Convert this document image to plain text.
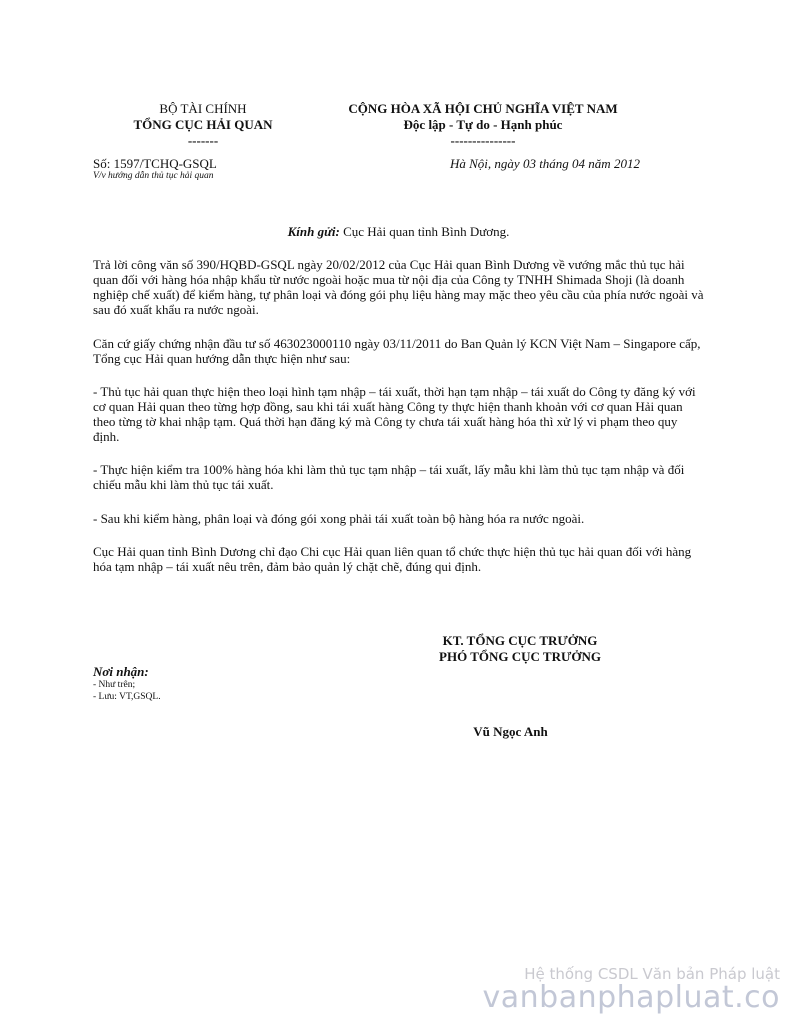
BỘ TÀI CHÍNH
TỔNG CỤC HẢI QUAN
-------
CỘNG HÒA XÃ HỘI CHỦ NGHĨA VIỆT NAM
Độc lập - Tự do - Hạnh phúc
---------------
Số: 1597/TCHQ-GSQL
V/v hướng dẫn thủ tục hải quan
Hà Nội, ngày 03 tháng 04 năm 2012
Kính gửi: Cục Hải quan tỉnh Bình Dương.

Trả lời công văn số 390/HQBD-GSQL ngày 20/02/2012 của Cục Hải quan Bình Dương về vướng mắc thủ tục hải quan đối với hàng hóa nhập khẩu từ nước ngoài hoặc mua từ nội địa của Công ty TNHH Shimada Shoji (là doanh nghiệp chế xuất) để kiểm hàng, tự phân loại và đóng gói phụ liệu hàng may mặc theo yêu cầu của phía nước ngoài và sau đó xuất khẩu ra nước ngoài.

Căn cứ giấy chứng nhận đầu tư số 463023000110 ngày 03/11/2011 do Ban Quản lý KCN Việt Nam – Singapore cấp, Tổng cục Hải quan hướng dẫn thực hiện như sau:

- Thủ tục hải quan thực hiện theo loại hình tạm nhập – tái xuất, thời hạn tạm nhập – tái xuất do Công ty đăng ký với cơ quan Hải quan theo từng hợp đồng, sau khi tái xuất hàng Công ty thực hiện thanh khoản với cơ quan Hải quan theo từng tờ khai nhập tạm. Quá thời hạn đăng ký mà Công ty chưa tái xuất hàng hóa thì xử lý vi phạm theo quy định.

- Thực hiện kiểm tra 100% hàng hóa khi làm thủ tục tạm nhập – tái xuất, lấy mẫu khi làm thủ tục tạm nhập và đối chiếu mẫu khi làm thủ tục tái xuất.

- Sau khi kiểm hàng, phân loại và đóng gói xong phải tái xuất toàn bộ hàng hóa ra nước ngoài.

Cục Hải quan tỉnh Bình Dương chỉ đạo Chi cục Hải quan liên quan tổ chức thực hiện thủ tục hải quan đối với hàng hóa tạm nhập – tái xuất nêu trên, đảm bảo quản lý chặt chẽ, đúng qui định.

KT. TỔNG CỤC TRƯỞNG
PHÓ TỔNG CỤC TRƯỞNG
Vũ Ngọc Anh
Nơi nhận:
- Như trên;
- Lưu: VT,GSQL.
Hệ thống CSDL Văn bản Pháp luật
vanbanphapluat.co
